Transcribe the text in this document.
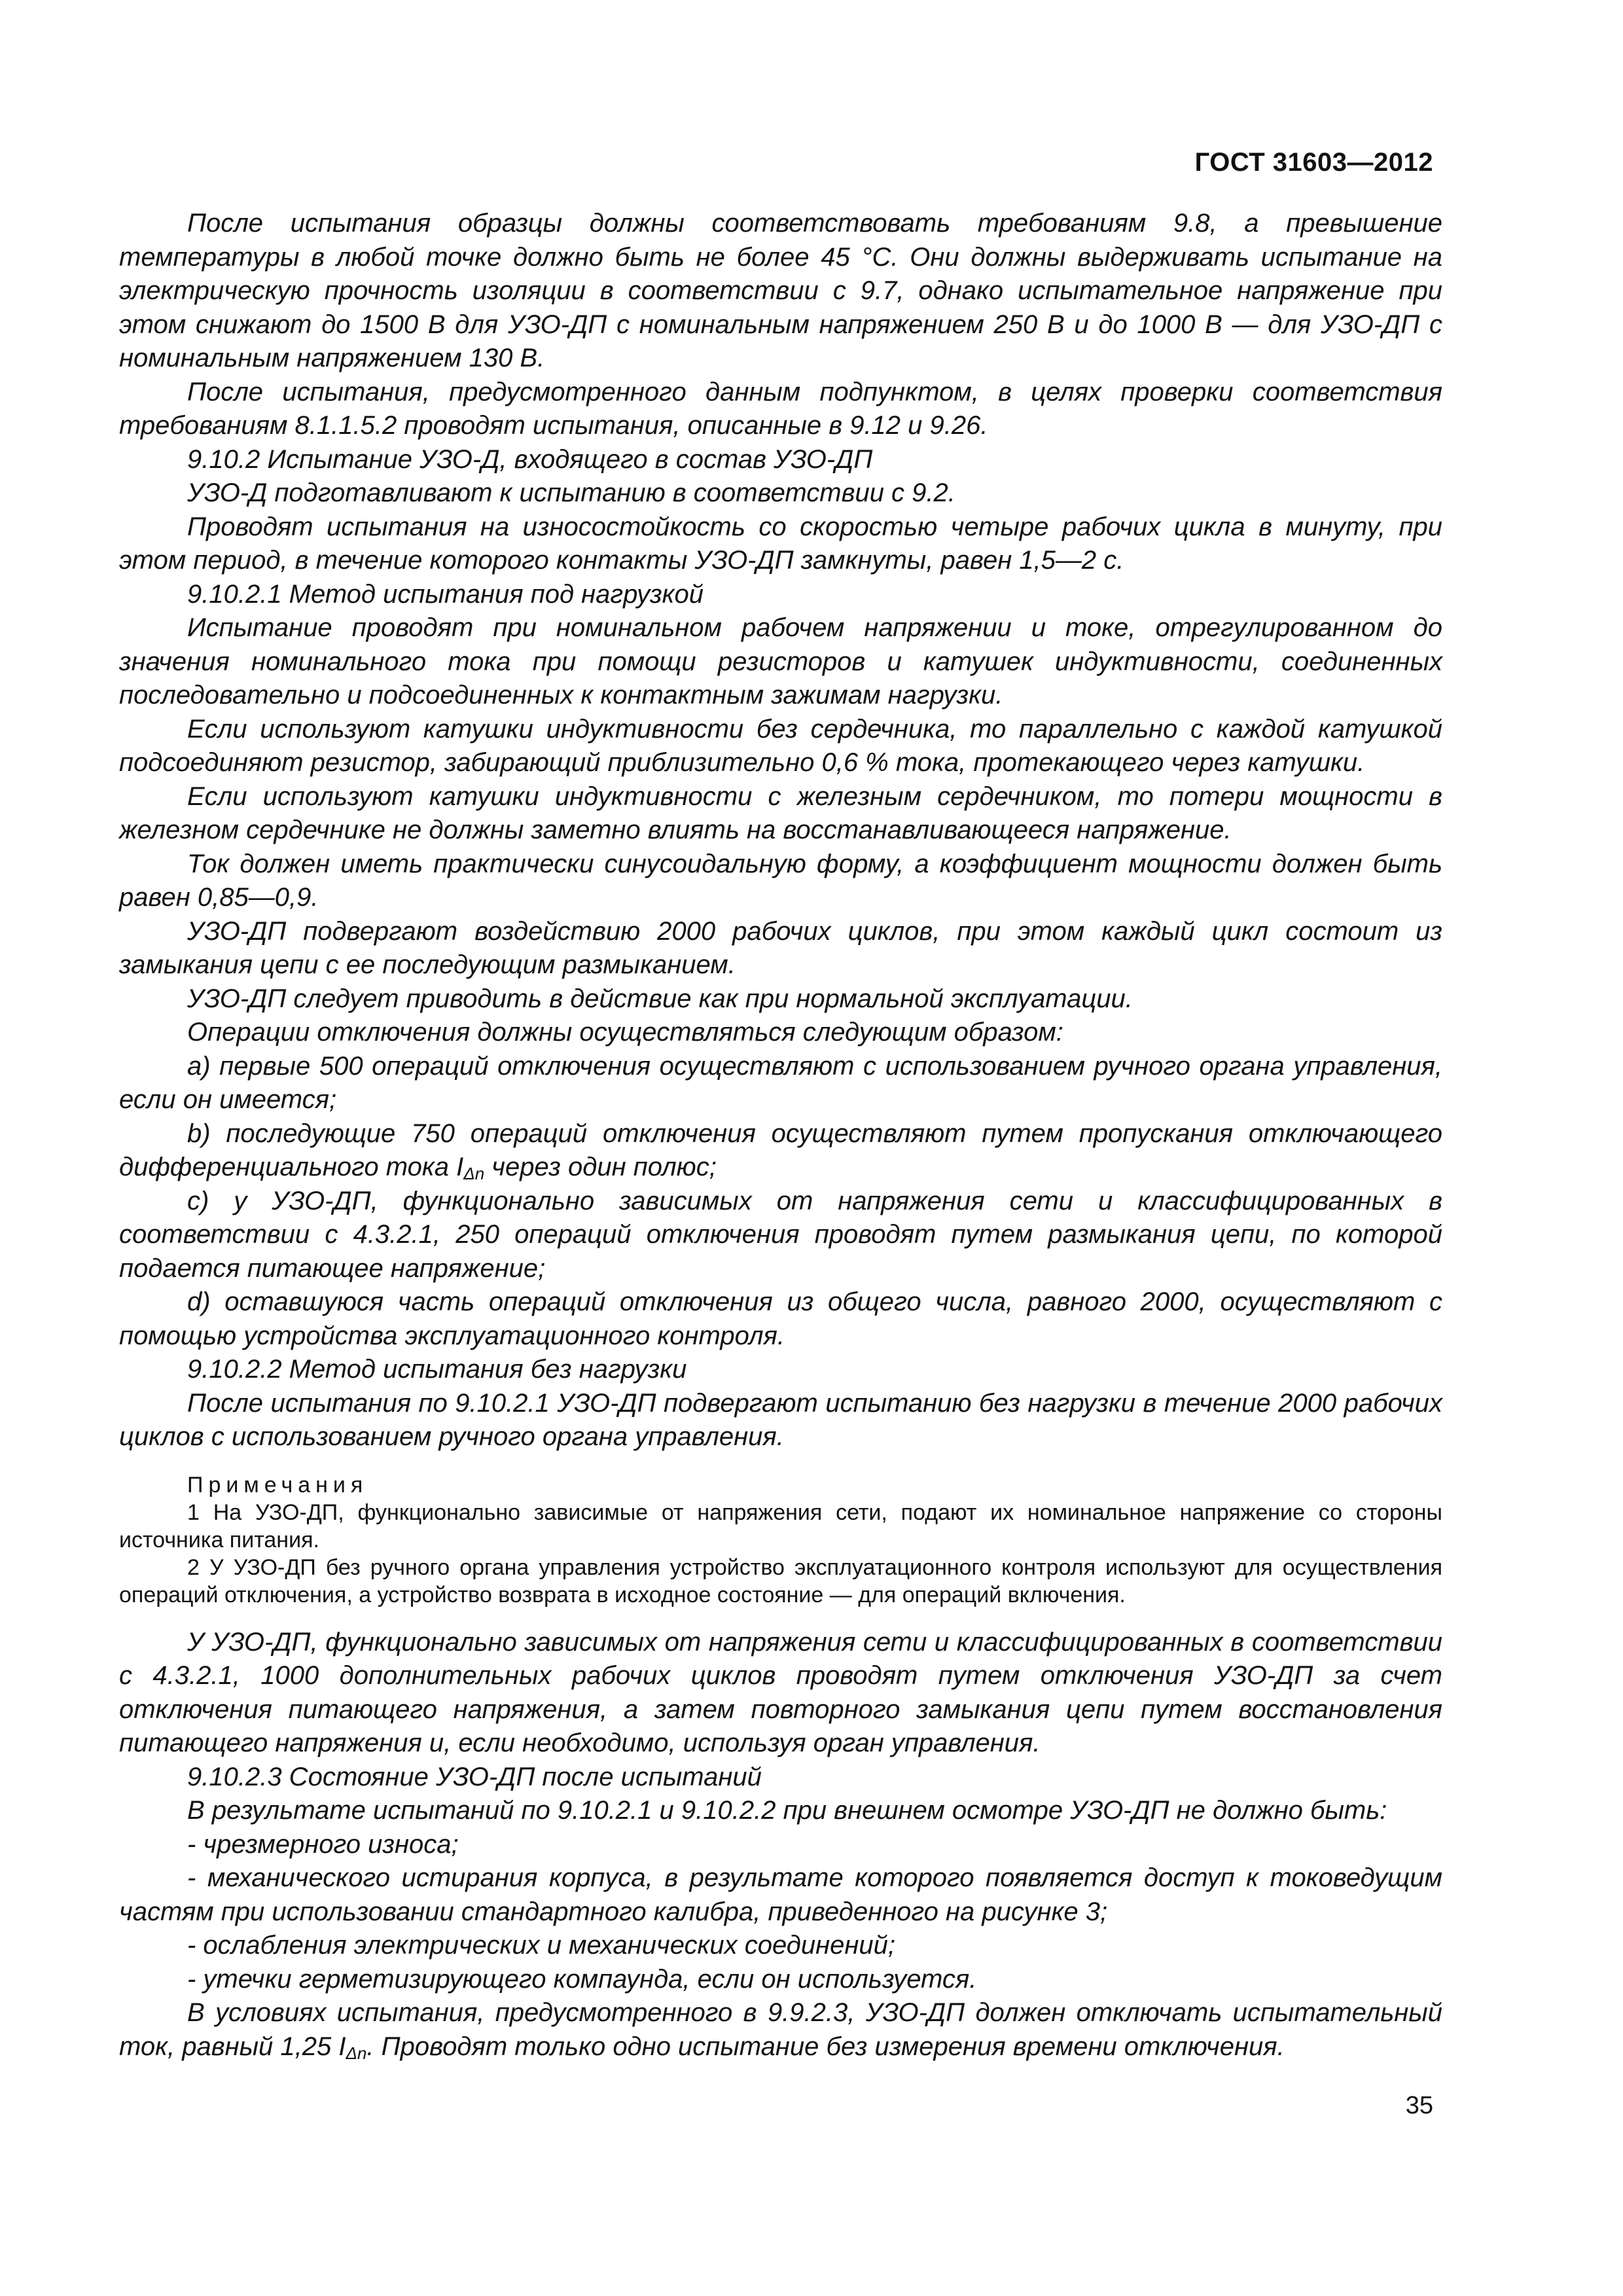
ГОСТ 31603—2012

После испытания образцы должны соответствовать требованиям 9.8, а превышение температуры в любой точке должно быть не более 45 °С. Они должны выдерживать испытание на электрическую прочность изоляции в соответствии с 9.7, однако испытательное напряжение при этом снижают до 1500 В для УЗО-ДП с номинальным напряжением 250 В и до 1000 В — для УЗО-ДП с номинальным напряжением 130 В.

После испытания, предусмотренного данным подпунктом, в целях проверки соответствия требованиям 8.1.1.5.2 проводят испытания, описанные в 9.12 и 9.26.

9.10.2 Испытание УЗО-Д, входящего в состав УЗО-ДП

УЗО-Д подготавливают к испытанию в соответствии с 9.2.

Проводят испытания на износостойкость со скоростью четыре рабочих цикла в минуту, при этом период, в течение которого контакты УЗО-ДП замкнуты, равен 1,5—2 с.

9.10.2.1 Метод испытания под нагрузкой

Испытание проводят при номинальном рабочем напряжении и токе, отрегулированном до значения номинального тока при помощи резисторов и катушек индуктивности, соединенных последовательно и подсоединенных к контактным зажимам нагрузки.

Если используют катушки индуктивности без сердечника, то параллельно с каждой катушкой подсоединяют резистор, забирающий приблизительно 0,6 % тока, протекающего через катушки.

Если используют катушки индуктивности с железным сердечником, то потери мощности в железном сердечнике не должны заметно влиять на восстанавливающееся напряжение.

Ток должен иметь практически синусоидальную форму, а коэффициент мощности должен быть равен 0,85—0,9.

УЗО-ДП подвергают воздействию 2000 рабочих циклов, при этом каждый цикл состоит из замыкания цепи с ее последующим размыканием.

УЗО-ДП следует приводить в действие как при нормальной эксплуатации.

Операции отключения должны осуществляться следующим образом:

а) первые 500 операций отключения осуществляют с использованием ручного органа управления, если он имеется;

b) последующие 750 операций отключения осуществляют путем пропускания отключающего дифференциального тока $I_{\Delta n}$ через один полюс;

с) у УЗО-ДП, функционально зависимых от напряжения сети и классифицированных в соответствии с 4.3.2.1, 250 операций отключения проводят путем размыкания цепи, по которой подается питающее напряжение;

d) оставшуюся часть операций отключения из общего числа, равного 2000, осуществляют с помощью устройства эксплуатационного контроля.

9.10.2.2 Метод испытания без нагрузки

После испытания по 9.10.2.1 УЗО-ДП подвергают испытанию без нагрузки в течение 2000 рабочих циклов с использованием ручного органа управления.

Примечания

1 На УЗО-ДП, функционально зависимые от напряжения сети, подают их номинальное напряжение со стороны источника питания.

2 У УЗО-ДП без ручного органа управления устройство эксплуатационного контроля используют для осуществления операций отключения, а устройство возврата в исходное состояние — для операций включения.

У УЗО-ДП, функционально зависимых от напряжения сети и классифицированных в соответствии с 4.3.2.1, 1000 дополнительных рабочих циклов проводят путем отключения УЗО-ДП за счет отключения питающего напряжения, а затем повторного замыкания цепи путем восстановления питающего напряжения и, если необходимо, используя орган управления.

9.10.2.3 Состояние УЗО-ДП после испытаний

В результате испытаний по 9.10.2.1 и 9.10.2.2 при внешнем осмотре УЗО-ДП не должно быть:

- чрезмерного износа;

- механического истирания корпуса, в результате которого появляется доступ к токоведущим частям при использовании стандартного калибра, приведенного на рисунке 3;

- ослабления электрических и механических соединений;

- утечки герметизирующего компаунда, если он используется.

В условиях испытания, предусмотренного в 9.9.2.3, УЗО-ДП должен отключать испытательный ток, равный 1,25 $I_{\Delta n}$. Проводят только одно испытание без измерения времени отключения.

35
